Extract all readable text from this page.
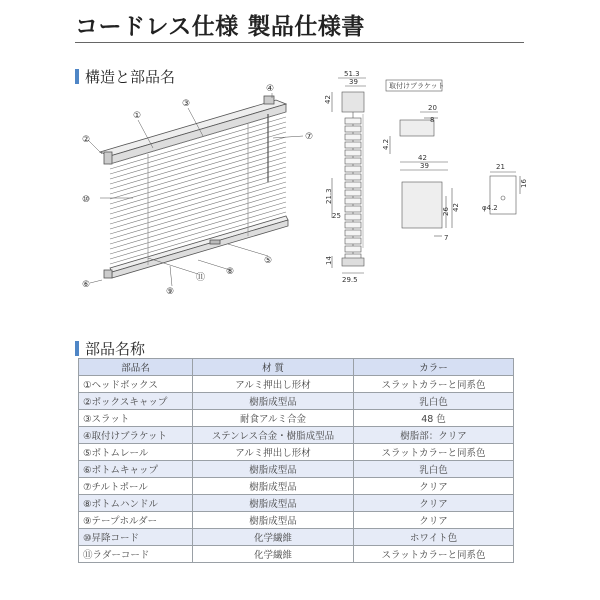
コードレス仕様 製品仕様書
構造と部品名
①
②
③
④
⑤
⑥
⑦
⑧
⑨
⑩
⑪
51.3
39
42
21.3
25
14
29.5
取付けブラケット
20
8
4.2
42
39
26 42
7
21
16
φ4.2
部品名称
部品名	材 質	カラー
①ヘッドボックス	アルミ押出し形材	スラットカラーと同系色
②ボックスキャップ	樹脂成型品	乳白色
③スラット	耐食アルミ合金	48 色
④取付けブラケット	ステンレス合金・樹脂成型品	樹脂部：クリア
⑤ボトムレール	アルミ押出し形材	スラットカラーと同系色
⑥ボトムキャップ	樹脂成型品	乳白色
⑦チルトポール	樹脂成型品	クリア
⑧ボトムハンドル	樹脂成型品	クリア
⑨テープホルダー	樹脂成型品	クリア
⑩昇降コード	化学繊維	ホワイト色
⑪ラダーコード	化学繊維	スラットカラーと同系色
